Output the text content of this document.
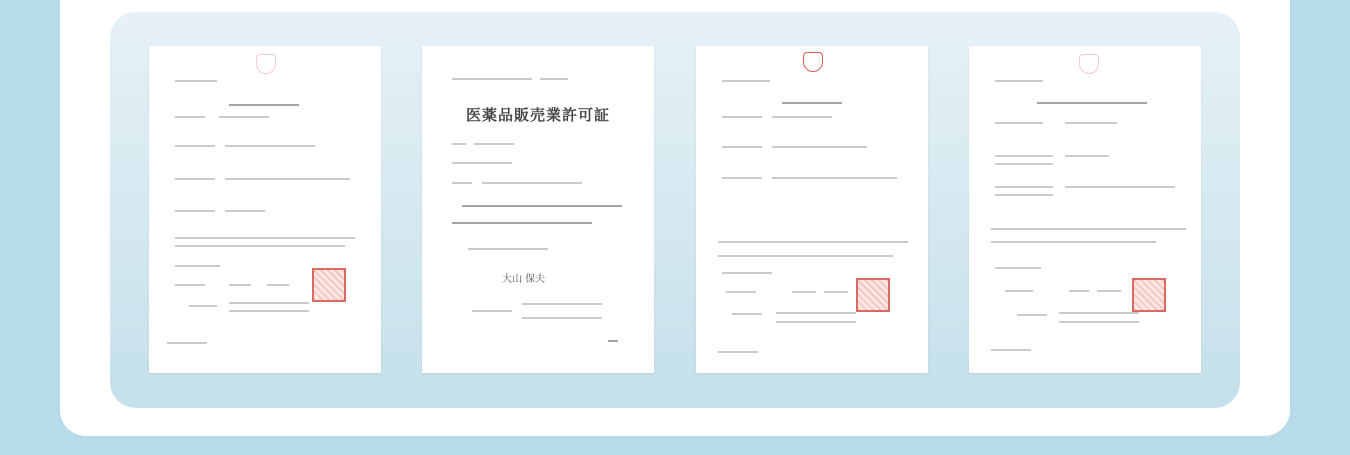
医薬品販売業許可証
大山 保夫
